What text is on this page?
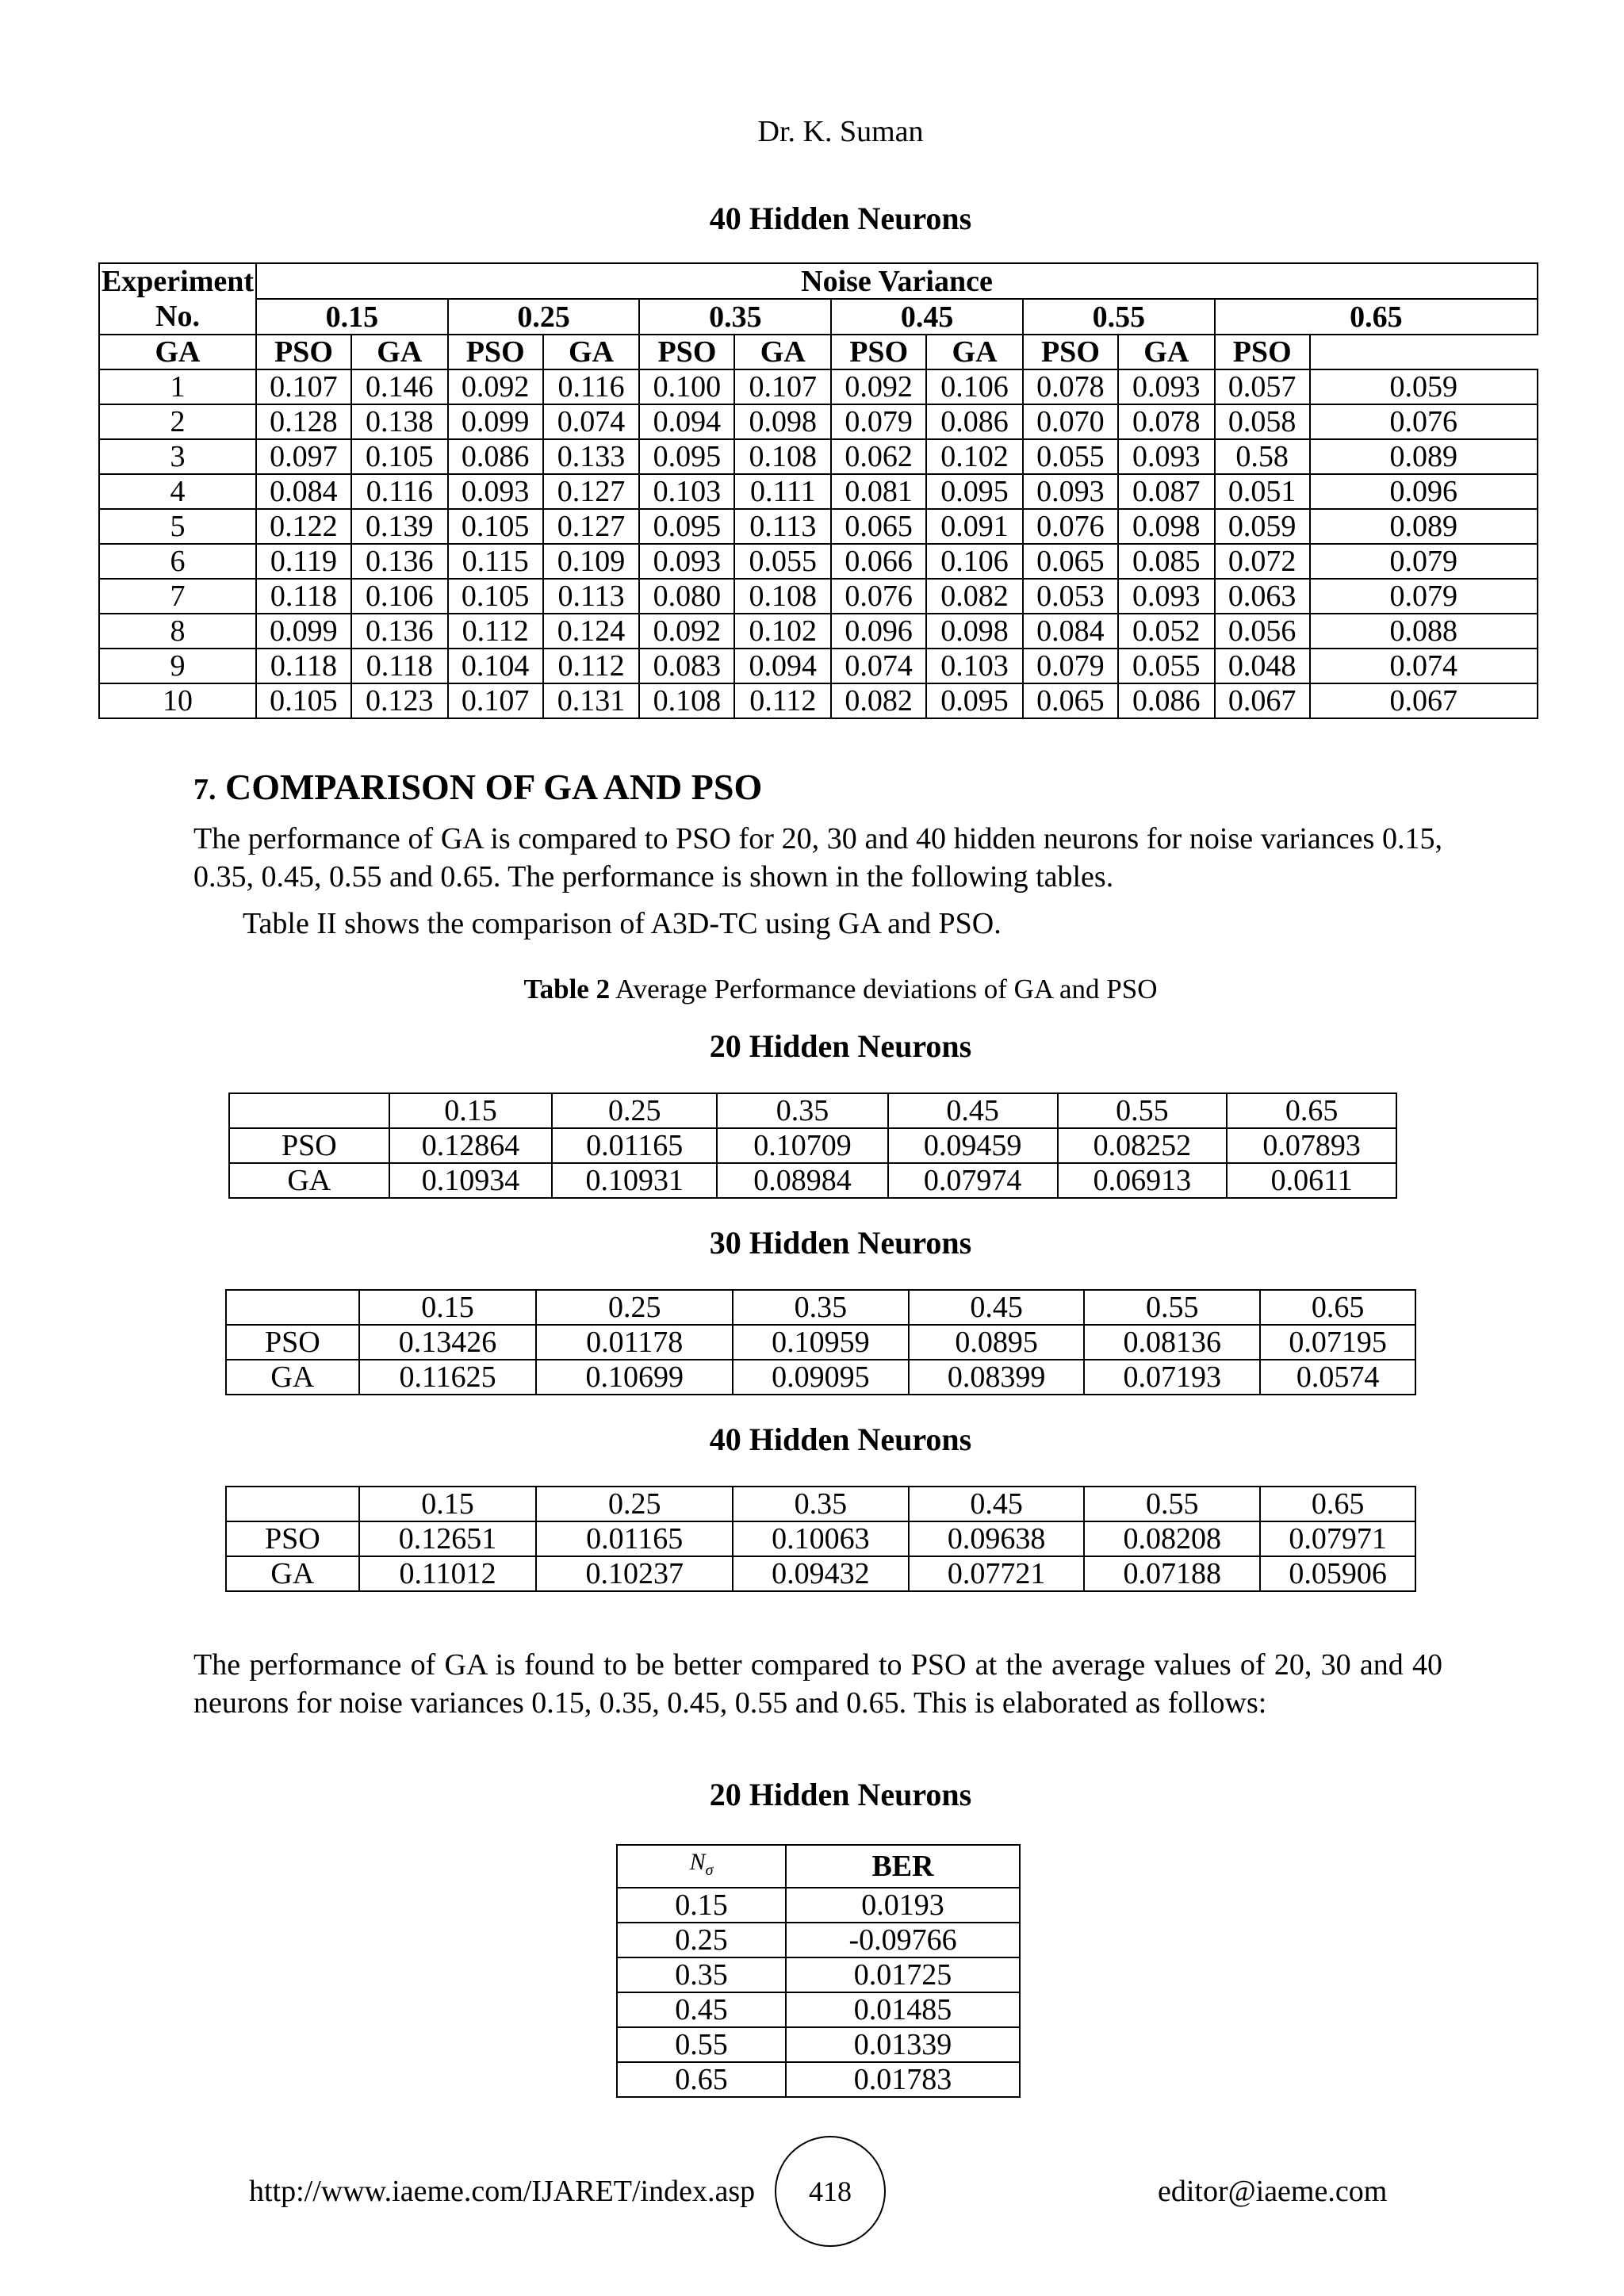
Dr. K. Suman
40 Hidden Neurons
Experiment No.	Noise Variance											
	0.15		0.25		0.35		0.45		0.55		0.65	
GA	PSO	GA	PSO	GA	PSO	GA	PSO	GA	PSO	GA	PSO	
1	0.107	0.146	0.092	0.116	0.100	0.107	0.092	0.106	0.078	0.093	0.057	0.059
2	0.128	0.138	0.099	0.074	0.094	0.098	0.079	0.086	0.070	0.078	0.058	0.076
3	0.097	0.105	0.086	0.133	0.095	0.108	0.062	0.102	0.055	0.093	0.58	0.089
4	0.084	0.116	0.093	0.127	0.103	0.111	0.081	0.095	0.093	0.087	0.051	0.096
5	0.122	0.139	0.105	0.127	0.095	0.113	0.065	0.091	0.076	0.098	0.059	0.089
6	0.119	0.136	0.115	0.109	0.093	0.055	0.066	0.106	0.065	0.085	0.072	0.079
7	0.118	0.106	0.105	0.113	0.080	0.108	0.076	0.082	0.053	0.093	0.063	0.079
8	0.099	0.136	0.112	0.124	0.092	0.102	0.096	0.098	0.084	0.052	0.056	0.088
9	0.118	0.118	0.104	0.112	0.083	0.094	0.074	0.103	0.079	0.055	0.048	0.074
10	0.105	0.123	0.107	0.131	0.108	0.112	0.082	0.095	0.065	0.086	0.067	0.067
7. COMPARISON OF GA AND PSO
The performance of GA is compared to PSO for 20, 30 and 40 hidden neurons for noise variances 0.15, 0.35, 0.45, 0.55 and 0.65. The performance is shown in the following tables.
Table II shows the comparison of A3D-TC using GA and PSO.
Table 2 Average Performance deviations of GA and PSO
20 Hidden Neurons
	0.15	0.25	0.35	0.45	0.55	0.65
PSO	0.12864	0.01165	0.10709	0.09459	0.08252	0.07893
GA	0.10934	0.10931	0.08984	0.07974	0.06913	0.0611
30 Hidden Neurons
	0.15	0.25	0.35	0.45	0.55	0.65
PSO	0.13426	0.01178	0.10959	0.0895	0.08136	0.07195
GA	0.11625	0.10699	0.09095	0.08399	0.07193	0.0574
40 Hidden Neurons
	0.15	0.25	0.35	0.45	0.55	0.65
PSO	0.12651	0.01165	0.10063	0.09638	0.08208	0.07971
GA	0.11012	0.10237	0.09432	0.07721	0.07188	0.05906
The performance of GA is found to be better compared to PSO at the average values of 20, 30 and 40 neurons for noise variances 0.15, 0.35, 0.45, 0.55 and 0.65. This is elaborated as follows:
20 Hidden Neurons
$N_\sigma$	BER
0.15	0.0193
0.25	-0.09766
0.35	0.01725
0.45	0.01485
0.55	0.01339
0.65	0.01783
http://www.iaeme.com/IJARET/index.asp 418	editor@iaeme.com
